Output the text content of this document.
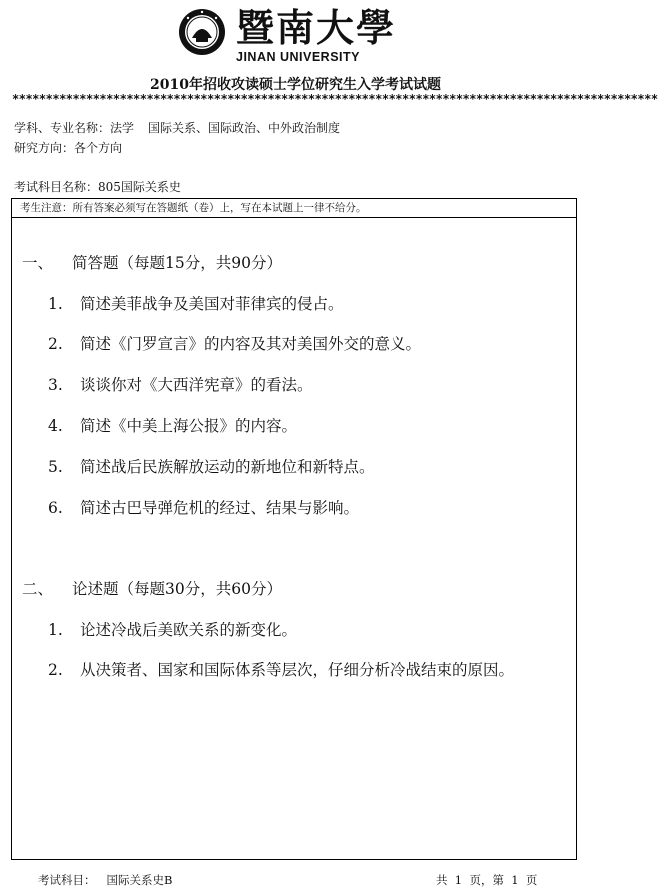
暨南大學
JINAN UNIVERSITY
2010年招收攻读硕士学位研究生入学考试试题
************************************************************************************************
学科、专业名称：法学 国际关系、国际政治、中外政治制度
研究方向：各个方向
考试科目名称：805国际关系史
考生注意：所有答案必须写在答题纸（卷）上，写在本试题上一律不给分。
一、 简答题（每题15分，共90分）
1. 简述美菲战争及美国对菲律宾的侵占。
2. 简述《门罗宣言》的内容及其对美国外交的意义。
3. 谈谈你对《大西洋宪章》的看法。
4. 简述《中美上海公报》的内容。
5. 简述战后民族解放运动的新地位和新特点。
6. 简述古巴导弹危机的经过、结果与影响。
二、 论述题（每题30分，共60分）
1. 论述冷战后美欧关系的新变化。
2. 从决策者、国家和国际体系等层次，仔细分析冷战结束的原因。
考试科目： 国际关系史B	共  1  页，第  1  页
